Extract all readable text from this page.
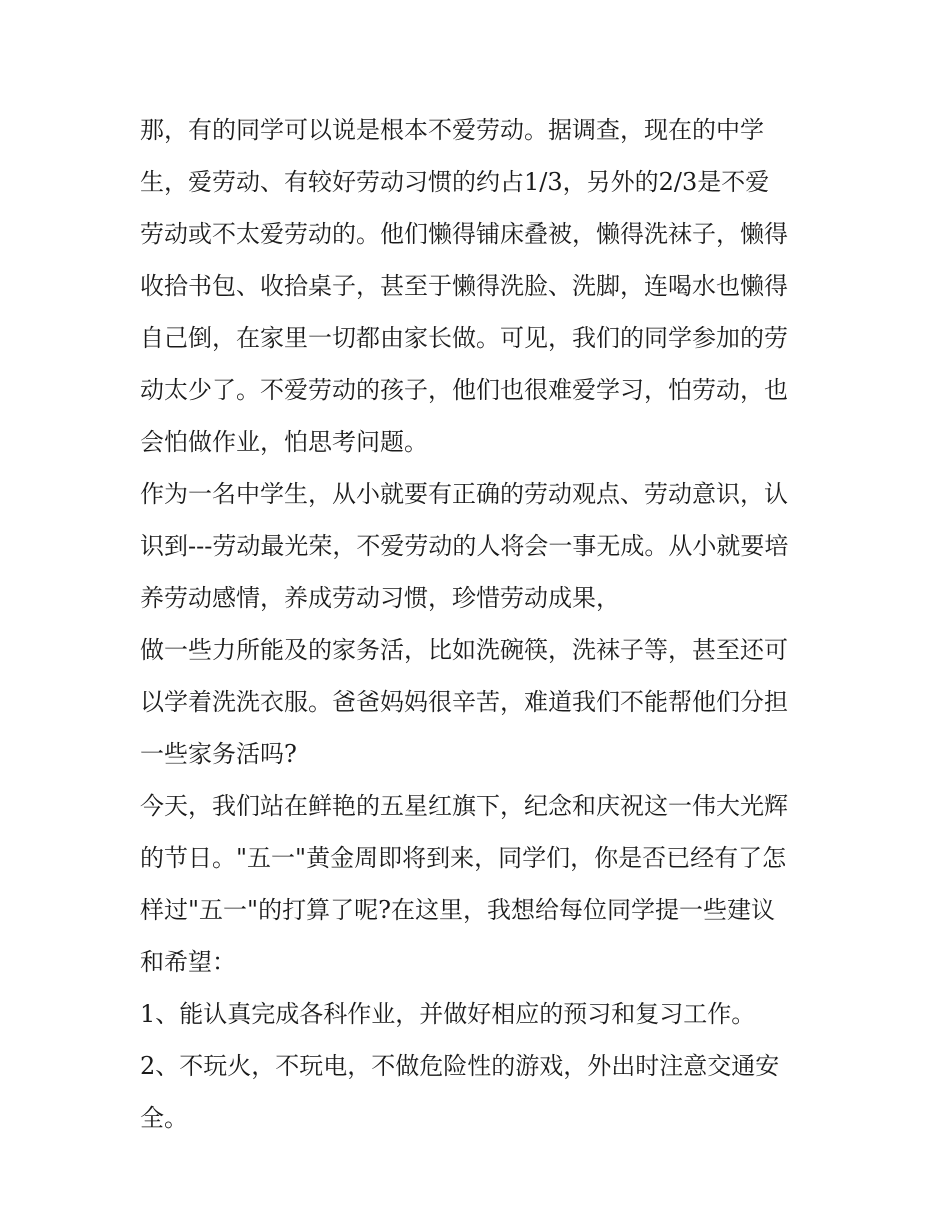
那，有的同学可以说是根本不爱劳动。据调查，现在的中学
生，爱劳动、有较好劳动习惯的约占1/3，另外的2/3是不爱
劳动或不太爱劳动的。他们懒得铺床叠被，懒得洗袜子，懒得
收拾书包、收拾桌子，甚至于懒得洗脸、洗脚，连喝水也懒得
自己倒，在家里一切都由家长做。可见，我们的同学参加的劳
动太少了。不爱劳动的孩子，他们也很难爱学习，怕劳动，也
会怕做作业，怕思考问题。
作为一名中学生，从小就要有正确的劳动观点、劳动意识，认
识到---劳动最光荣，不爱劳动的人将会一事无成。从小就要培
养劳动感情，养成劳动习惯，珍惜劳动成果，
做一些力所能及的家务活，比如洗碗筷，洗袜子等，甚至还可
以学着洗洗衣服。爸爸妈妈很辛苦，难道我们不能帮他们分担
一些家务活吗?
今天，我们站在鲜艳的五星红旗下，纪念和庆祝这一伟大光辉
的节日。"五一"黄金周即将到来，同学们，你是否已经有了怎
样过"五一"的打算了呢?在这里，我想给每位同学提一些建议
和希望：
1、能认真完成各科作业，并做好相应的预习和复习工作。
2、不玩火，不玩电，不做危险性的游戏，外出时注意交通安
全。
